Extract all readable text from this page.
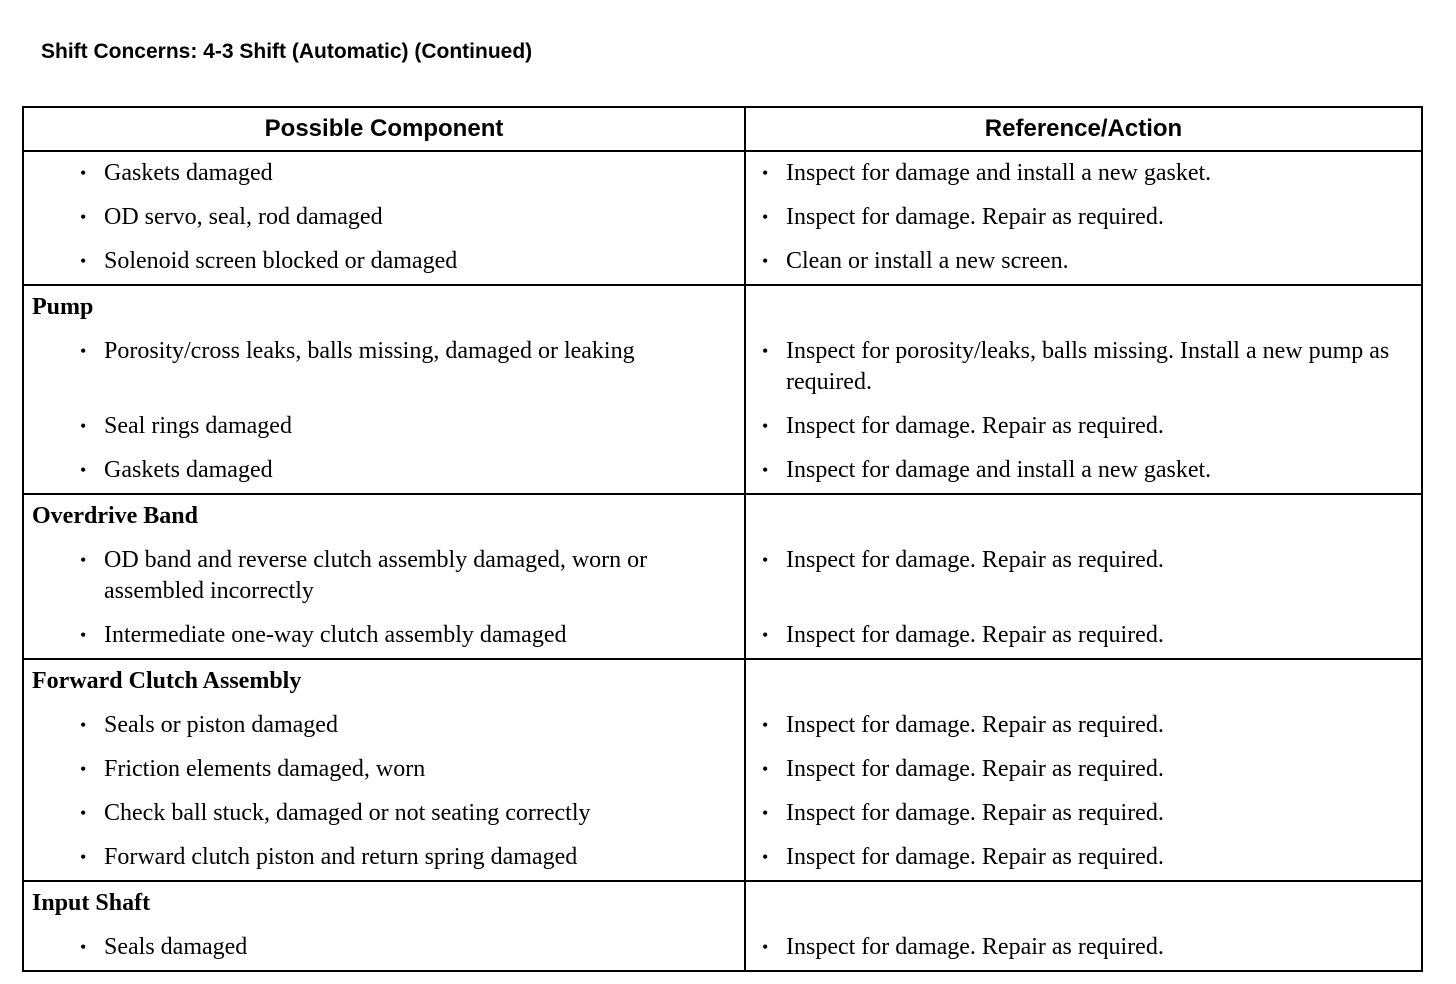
Shift Concerns: 4-3 Shift (Automatic) (Continued)
Possible Component	Reference/Action

• Gaskets damaged	• Inspect for damage and install a new gasket.

• OD servo, seal, rod damaged	• Inspect for damage. Repair as required.

• Solenoid screen blocked or damaged	• Clean or install a new screen.

Pump	

• Porosity/cross leaks, balls missing, damaged or leaking	• Inspect for porosity/leaks, balls missing. Install a new pump as required.

• Seal rings damaged	• Inspect for damage. Repair as required.

• Gaskets damaged	• Inspect for damage and install a new gasket.

Overdrive Band	

• OD band and reverse clutch assembly damaged, worn or assembled incorrectly	• Inspect for damage. Repair as required.

• Intermediate one-way clutch assembly damaged	• Inspect for damage. Repair as required.

Forward Clutch Assembly	

• Seals or piston damaged	• Inspect for damage. Repair as required.

• Friction elements damaged, worn	• Inspect for damage. Repair as required.

• Check ball stuck, damaged or not seating correctly	• Inspect for damage. Repair as required.

• Forward clutch piston and return spring damaged	• Inspect for damage. Repair as required.

Input Shaft	

• Seals damaged	• Inspect for damage. Repair as required.
